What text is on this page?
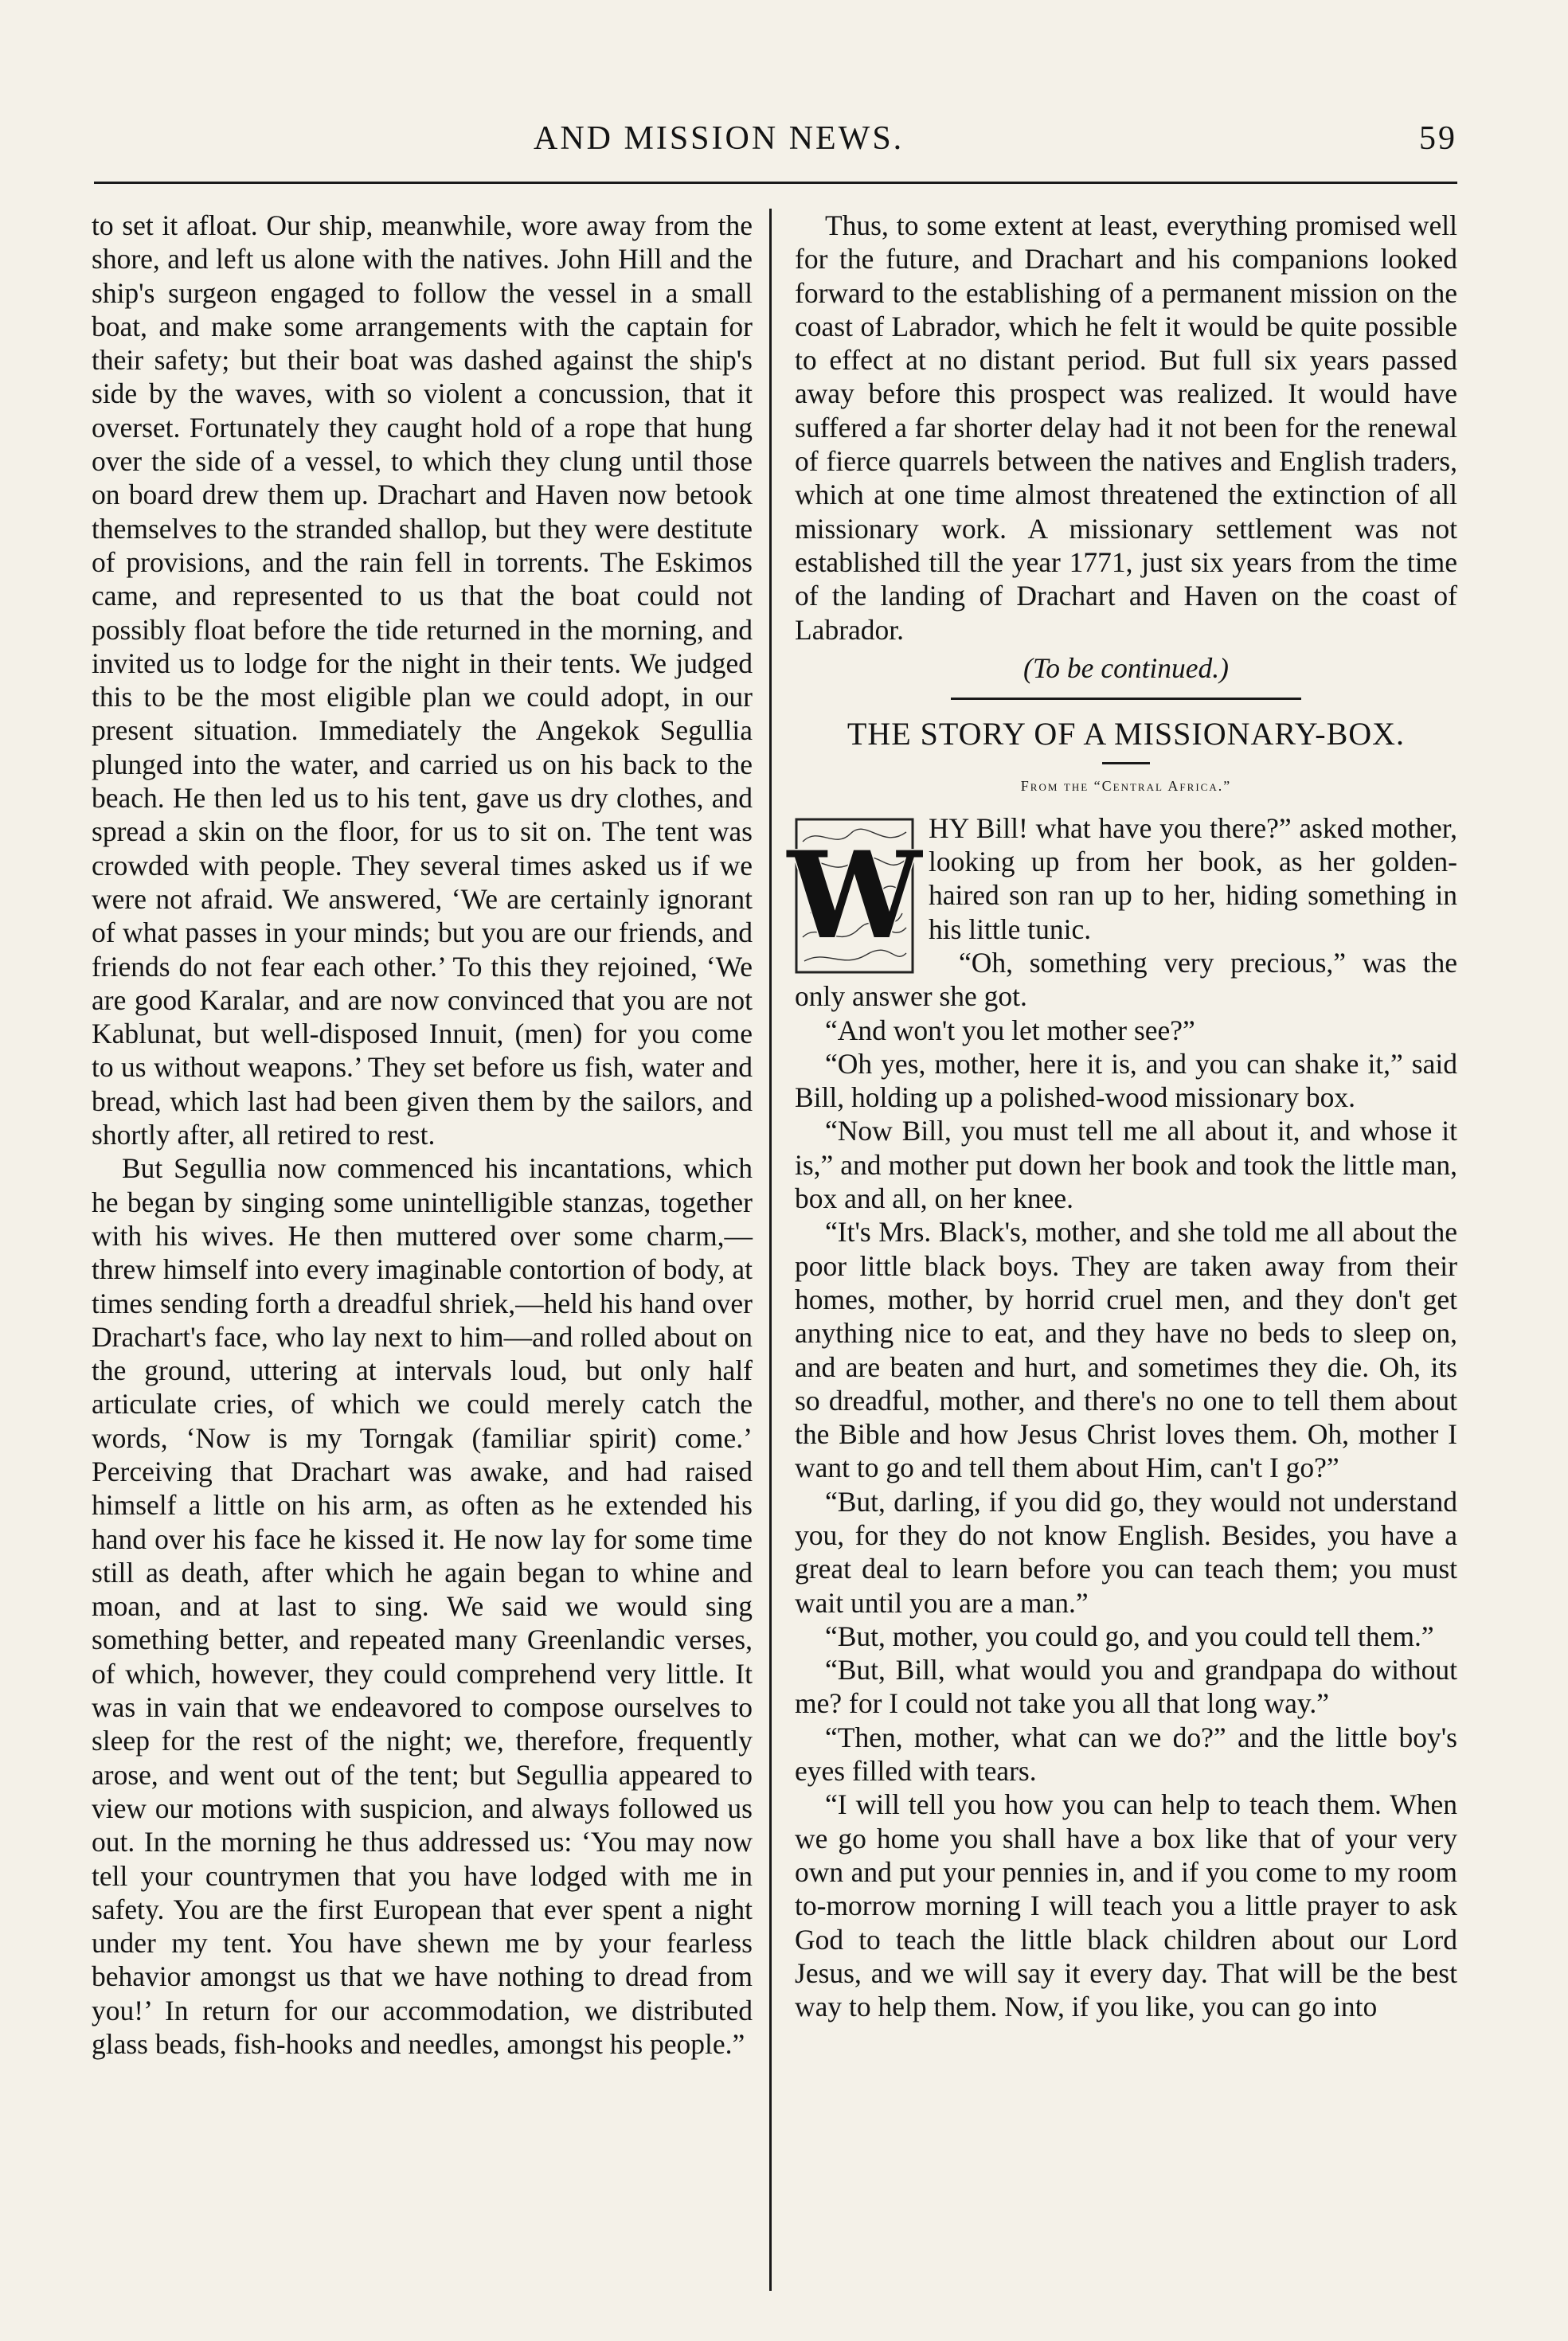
AND MISSION NEWS.	59

to set it afloat. Our ship, meanwhile, wore away from the shore, and left us alone with the natives. John Hill and the ship's surgeon engaged to follow the vessel in a small boat, and make some arrangements with the captain for their safety; but their boat was dashed against the ship's side by the waves, with so violent a concussion, that it overset. Fortunately they caught hold of a rope that hung over the side of a vessel, to which they clung until those on board drew them up. Drachart and Haven now betook themselves to the stranded shallop, but they were destitute of provisions, and the rain fell in torrents. The Eskimos came, and represented to us that the boat could not possibly float before the tide returned in the morning, and invited us to lodge for the night in their tents. We judged this to be the most eligible plan we could adopt, in our present situation. Immediately the Angekok Segullia plunged into the water, and carried us on his back to the beach. He then led us to his tent, gave us dry clothes, and spread a skin on the floor, for us to sit on. The tent was crowded with people. They several times asked us if we were not afraid. We answered, ‘We are certainly ignorant of what passes in your minds; but you are our friends, and friends do not fear each other.’ To this they rejoined, ‘We are good Karalar, and are now convinced that you are not Kablunat, but well-disposed Innuit, (men) for you come to us without weapons.’ They set before us fish, water and bread, which last had been given them by the sailors, and shortly after, all retired to rest.

But Segullia now commenced his incantations, which he began by singing some unintelligible stanzas, together with his wives. He then muttered over some charm,—threw himself into every imaginable contortion of body, at times sending forth a dreadful shriek,—held his hand over Drachart's face, who lay next to him—and rolled about on the ground, uttering at intervals loud, but only half articulate cries, of which we could merely catch the words, ‘Now is my Torngak (familiar spirit) come.’ Perceiving that Drachart was awake, and had raised himself a little on his arm, as often as he extended his hand over his face he kissed it. He now lay for some time still as death, after which he again began to whine and moan, and at last to sing. We said we would sing something better, and repeated many Greenlandic verses, of which, however, they could comprehend very little. It was in vain that we endeavored to compose ourselves to sleep for the rest of the night; we, therefore, frequently arose, and went out of the tent; but Segullia appeared to view our motions with suspicion, and always followed us out. In the morning he thus addressed us: ‘You may now tell your countrymen that you have lodged with me in safety. You are the first European that ever spent a night under my tent. You have shewn me by your fearless behavior amongst us that we have nothing to dread from you!’ In return for our accommodation, we distributed glass beads, fish-hooks and needles, amongst his people.”

Thus, to some extent at least, everything promised well for the future, and Drachart and his companions looked forward to the establishing of a permanent mission on the coast of Labrador, which he felt it would be quite possible to effect at no distant period. But full six years passed away before this prospect was realized. It would have suffered a far shorter delay had it not been for the renewal of fierce quarrels between the natives and English traders, which at one time almost threatened the extinction of all missionary work. A missionary settlement was not established till the year 1771, just six years from the time of the landing of Drachart and Haven on the coast of Labrador.

(To be continued.)
THE STORY OF A MISSIONARY-BOX.
From the “Central Africa.”
W HY Bill! what have you there?” asked mother, looking up from her book, as her golden-haired son ran up to her, hiding something in his little tunic.

“Oh, something very precious,” was the only answer she got.

“And won't you let mother see?”

“Oh yes, mother, here it is, and you can shake it,” said Bill, holding up a polished-wood missionary box.

“Now Bill, you must tell me all about it, and whose it is,” and mother put down her book and took the little man, box and all, on her knee.

“It's Mrs. Black's, mother, and she told me all about the poor little black boys. They are taken away from their homes, mother, by horrid cruel men, and they don't get anything nice to eat, and they have no beds to sleep on, and are beaten and hurt, and sometimes they die. Oh, its so dreadful, mother, and there's no one to tell them about the Bible and how Jesus Christ loves them. Oh, mother I want to go and tell them about Him, can't I go?”

“But, darling, if you did go, they would not understand you, for they do not know English. Besides, you have a great deal to learn before you can teach them; you must wait until you are a man.”

“But, mother, you could go, and you could tell them.”

“But, Bill, what would you and grandpapa do without me? for I could not take you all that long way.”

“Then, mother, what can we do?” and the little boy's eyes filled with tears.

“I will tell you how you can help to teach them. When we go home you shall have a box like that of your very own and put your pennies in, and if you come to my room to-morrow morning I will teach you a little prayer to ask God to teach the little black children about our Lord Jesus, and we will say it every day. That will be the best way to help them. Now, if you like, you can go into
